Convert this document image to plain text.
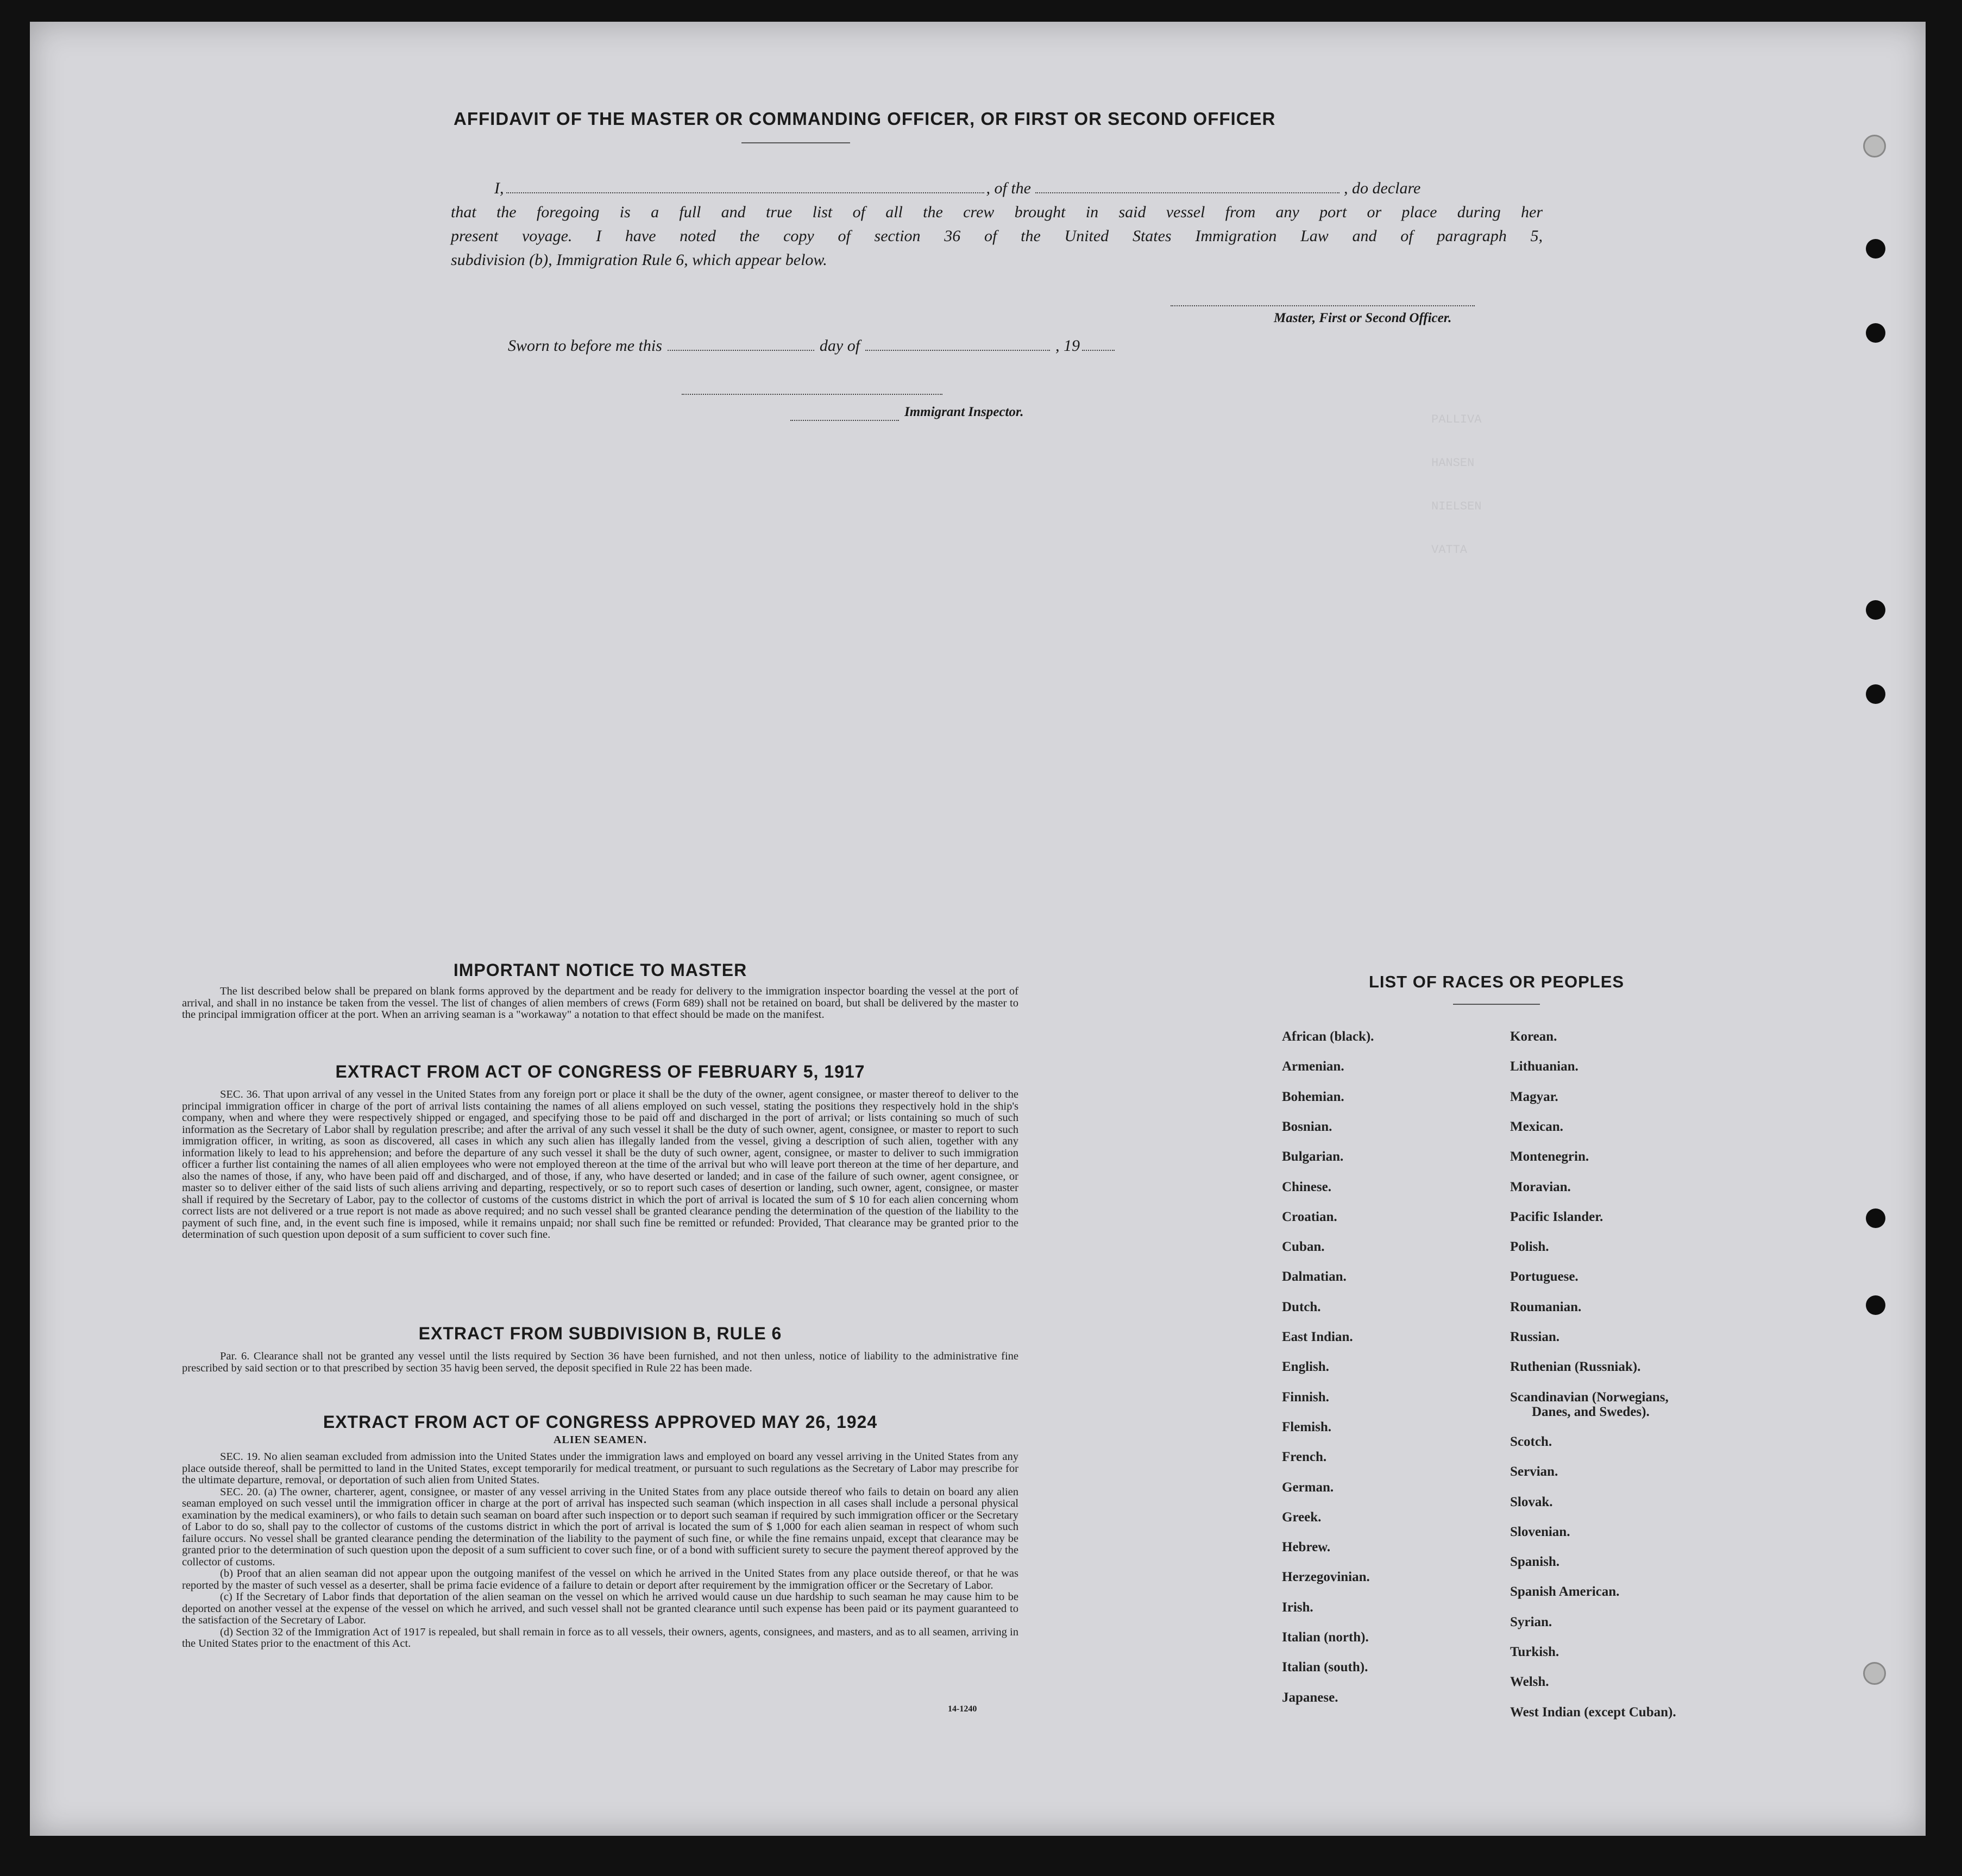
PALLIVA
HANSEN
NIELSEN
VATTA
AFFIDAVIT OF THE MASTER OR COMMANDING OFFICER, OR FIRST OR SECOND OFFICER
I,	, of the	, do declare
that the foregoing is a full and true list of all the crew brought in said vessel from any port or place during her
present voyage. I have noted the copy of section 36 of the United States Immigration Law and of paragraph 5,
subdivision (b), Immigration Rule 6, which appear below.
Master, First or Second Officer.
Sworn to before me this	day of	, 19
Immigrant Inspector.
IMPORTANT NOTICE TO MASTER

The list described below shall be prepared on blank forms approved by the department and be ready for delivery to the immigration inspector boarding the vessel at the port of arrival, and shall in no instance be taken from the vessel. The list of changes of alien members of crews (Form 689) shall not be retained on board, but shall be delivered by the master to the principal immigration officer at the port. When an arriving seaman is a "workaway" a notation to that effect should be made on the manifest.

EXTRACT FROM ACT OF CONGRESS OF FEBRUARY 5, 1917

SEC. 36. That upon arrival of any vessel in the United States from any foreign port or place it shall be the duty of the owner, agent consignee, or master thereof to deliver to the principal immigration officer in charge of the port of arrival lists containing the names of all aliens employed on such vessel, stating the positions they respectively hold in the ship's company, when and where they were respectively shipped or engaged, and specifying those to be paid off and discharged in the port of arrival; or lists containing so much of such information as the Secretary of Labor shall by regulation prescribe; and after the arrival of any such vessel it shall be the duty of such owner, agent, consignee, or master to report to such immigration officer, in writing, as soon as discovered, all cases in which any such alien has illegally landed from the vessel, giving a description of such alien, together with any information likely to lead to his apprehension; and before the departure of any such vessel it shall be the duty of such owner, agent, consignee, or master to deliver to such immigration officer a further list containing the names of all alien employees who were not employed thereon at the time of the arrival but who will leave port thereon at the time of her departure, and also the names of those, if any, who have been paid off and discharged, and of those, if any, who have deserted or landed; and in case of the failure of such owner, agent consignee, or master so to deliver either of the said lists of such aliens arriving and departing, respectively, or so to report such cases of desertion or landing, such owner, agent, consignee, or master shall if required by the Secretary of Labor, pay to the collector of customs of the customs district in which the port of arrival is located the sum of $ 10 for each alien concerning whom correct lists are not delivered or a true report is not made as above required; and no such vessel shall be granted clearance pending the determination of the question of the liability to the payment of such fine, and, in the event such fine is imposed, while it remains unpaid; nor shall such fine be remitted or refunded: Provided, That clearance may be granted prior to the determination of such question upon deposit of a sum sufficient to cover such fine.

EXTRACT FROM SUBDIVISION B, RULE 6

Par. 6. Clearance shall not be granted any vessel until the lists required by Section 36 have been furnished, and not then unless, notice of liability to the administrative fine prescribed by said section or to that prescribed by section 35 havig been served, the deposit specified in Rule 22 has been made.

EXTRACT FROM ACT OF CONGRESS APPROVED MAY 26, 1924
ALIEN SEAMEN.

SEC. 19. No alien seaman excluded from admission into the United States under the immigration laws and employed on board any vessel arriving in the United States from any place outside thereof, shall be permitted to land in the United States, except temporarily for medical treatment, or pursuant to such regulations as the Secretary of Labor may prescribe for the ultimate departure, removal, or deportation of such alien from United States.

SEC. 20. (a) The owner, charterer, agent, consignee, or master of any vessel arriving in the United States from any place outside thereof who fails to detain on board any alien seaman employed on such vessel until the immigration officer in charge at the port of arrival has inspected such seaman (which inspection in all cases shall include a personal physical examination by the medical examiners), or who fails to detain such seaman on board after such inspection or to deport such seaman if required by such immigration officer or the Secretary of Labor to do so, shall pay to the collector of customs of the customs district in which the port of arrival is located the sum of $ 1,000 for each alien seaman in respect of whom such failure occurs. No vessel shall be granted clearance pending the determination of the liability to the payment of such fine, or while the fine remains unpaid, except that clearance may be granted prior to the determination of such question upon the deposit of a sum sufficient to cover such fine, or of a bond with sufficient surety to secure the payment thereof approved by the collector of customs.

(b) Proof that an alien seaman did not appear upon the outgoing manifest of the vessel on which he arrived in the United States from any place outside thereof, or that he was reported by the master of such vessel as a deserter, shall be prima facie evidence of a failure to detain or deport after requirement by the immigration officer or the Secretary of Labor.

(c) If the Secretary of Labor finds that deportation of the alien seaman on the vessel on which he arrived would cause un due hardship to such seaman he may cause him to be deported on another vessel at the expense of the vessel on which he arrived, and such vessel shall not be granted clearance until such expense has been paid or its payment guaranteed to the satisfaction of the Secretary of Labor.

(d) Section 32 of the Immigration Act of 1917 is repealed, but shall remain in force as to all vessels, their owners, agents, consignees, and masters, and as to all seamen, arriving in the United States prior to the enactment of this Act.

14-1240
LIST OF RACES OR PEOPLES
African (black).
Armenian.
Bohemian.
Bosnian.
Bulgarian.
Chinese.
Croatian.
Cuban.
Dalmatian.
Dutch.
East Indian.
English.
Finnish.
Flemish.
French.
German.
Greek.
Hebrew.
Herzegovinian.
Irish.
Italian (north).
Italian (south).
Japanese.
Korean.
Lithuanian.
Magyar.
Mexican.
Montenegrin.
Moravian.
Pacific Islander.
Polish.
Portuguese.
Roumanian.
Russian.
Ruthenian (Russniak).
Scandinavian (Norwegians,
Danes, and Swedes).
Scotch.
Servian.
Slovak.
Slovenian.
Spanish.
Spanish American.
Syrian.
Turkish.
Welsh.
West Indian (except Cuban).
